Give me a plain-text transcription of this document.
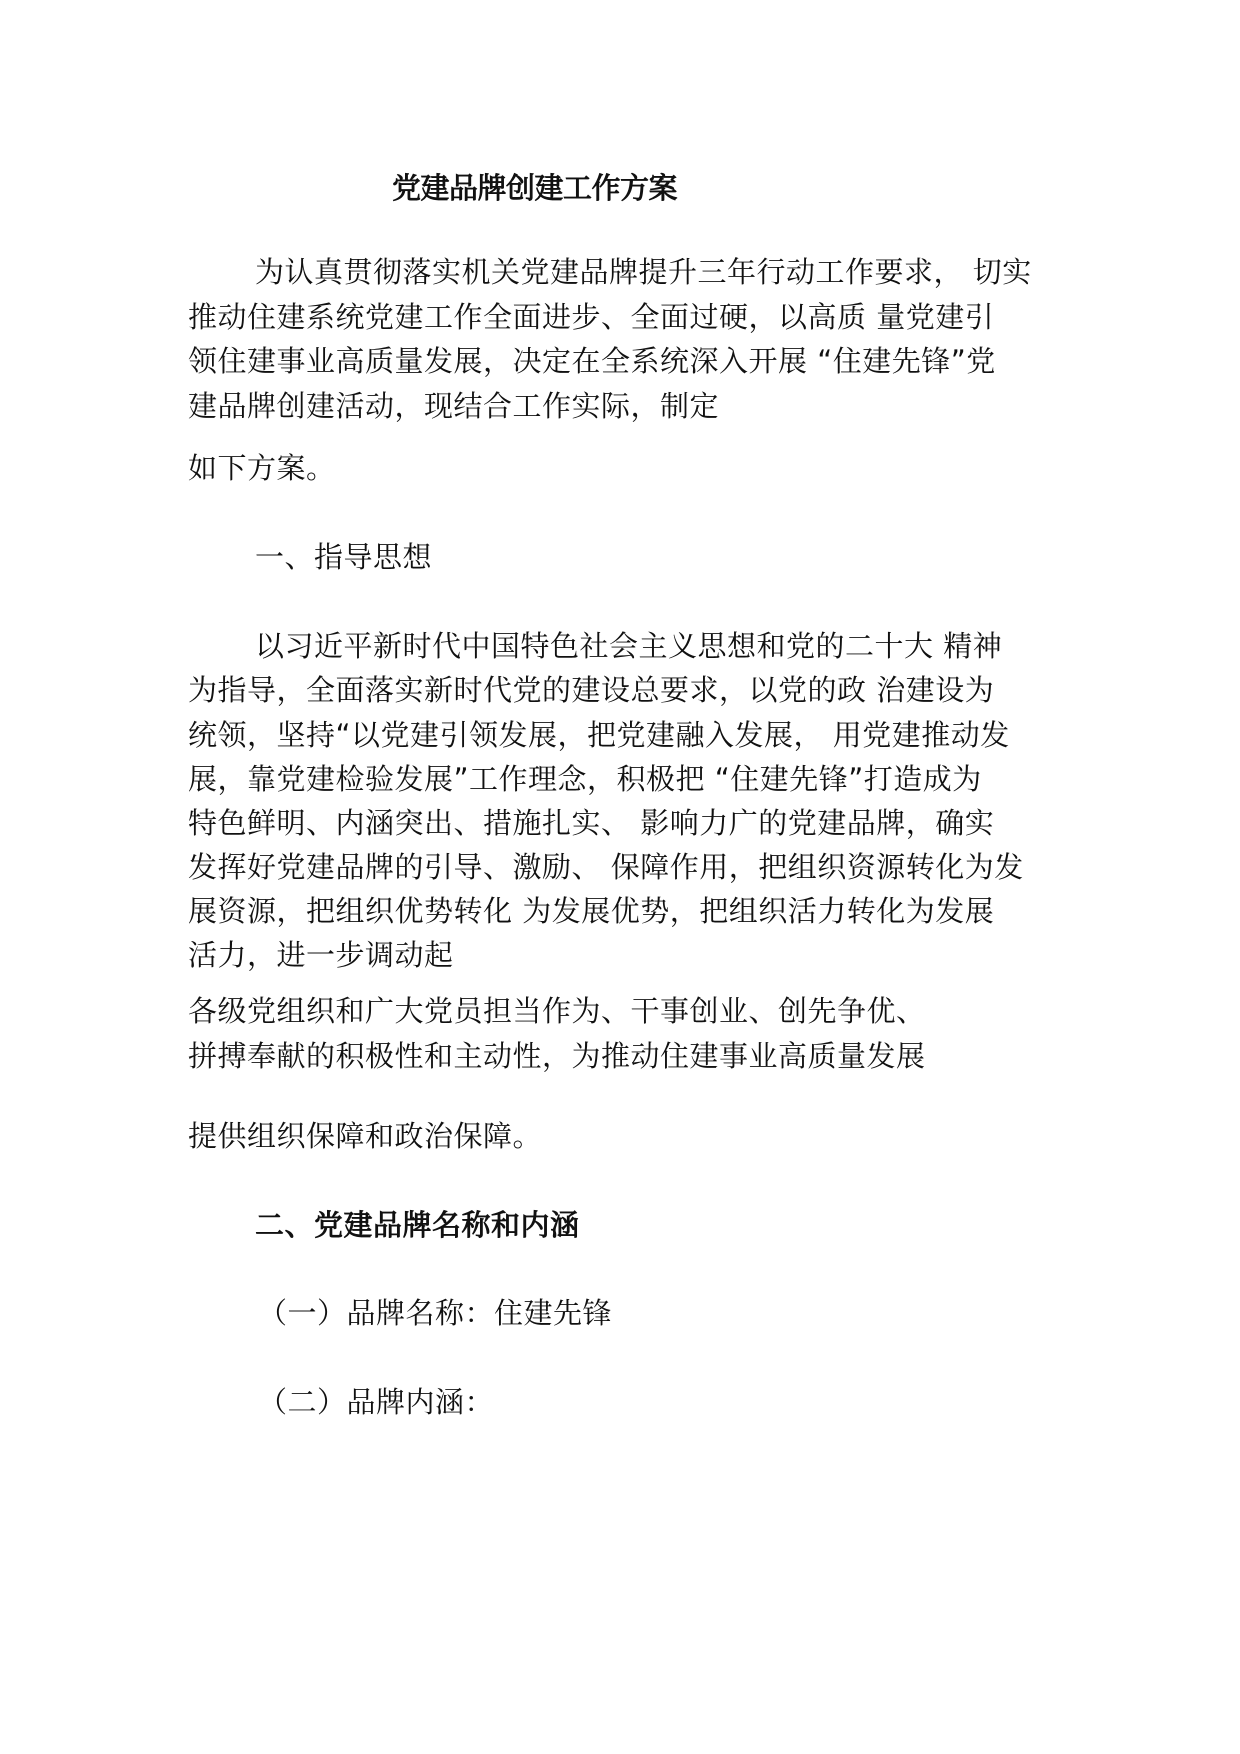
党建品牌创建工作方案

为认真贯彻落实机关党建品牌提升三年行动工作要求， 切实

推动住建系统党建工作全面进步、全面过硬，以高质 量党建引

领住建事业高质量发展，决定在全系统深入开展 “住建先锋”党

建品牌创建活动，现结合工作实际，制定

如下方案。

一、指导思想

以习近平新时代中国特色社会主义思想和党的二十大 精神

为指导，全面落实新时代党的建设总要求，以党的政 治建设为

统领，坚持“以党建引领发展，把党建融入发展， 用党建推动发

展，靠党建检验发展”工作理念，积极把 “住建先锋”打造成为

特色鲜明、内涵突出、措施扎实、 影响力广的党建品牌，确实

发挥好党建品牌的引导、激励、 保障作用，把组织资源转化为发

展资源，把组织优势转化 为发展优势，把组织活力转化为发展

活力，进一步调动起

各级党组织和广大党员担当作为、干事创业、创先争优、

拼搏奉献的积极性和主动性，为推动住建事业高质量发展

提供组织保障和政治保障。

二、党建品牌名称和内涵

（一）品牌名称：住建先锋

（二）品牌内涵：
